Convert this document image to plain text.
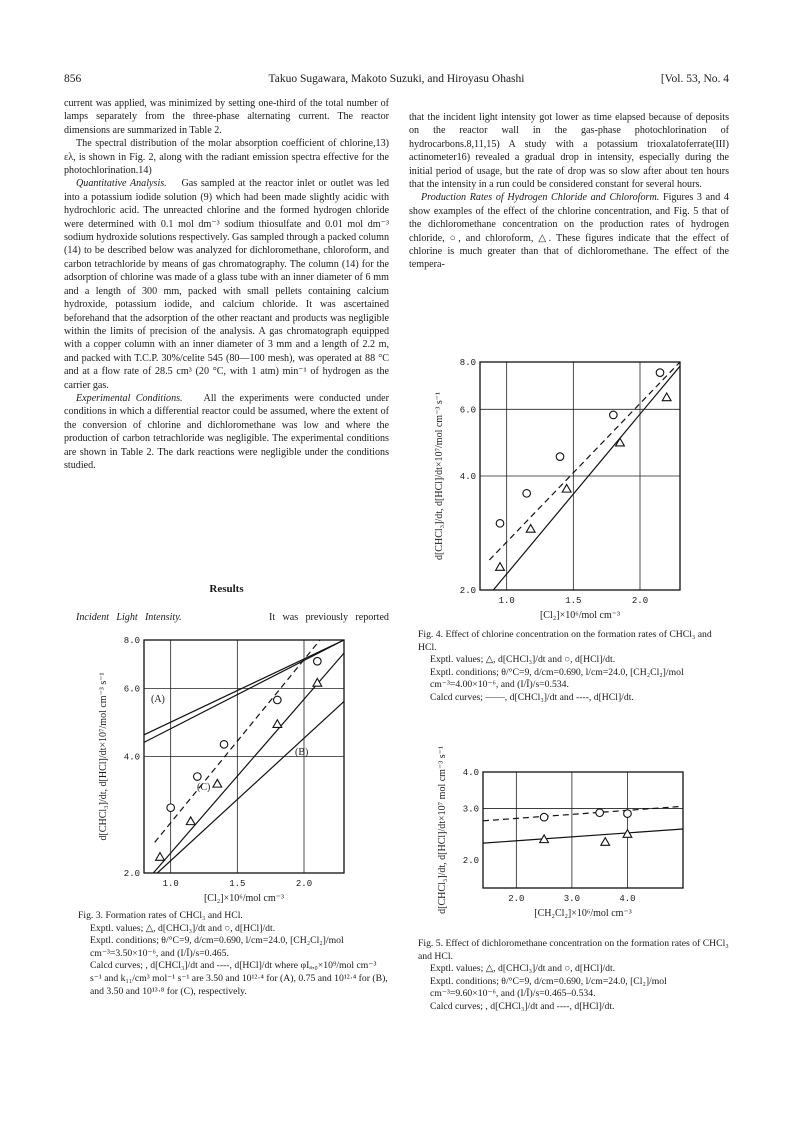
856	Takuo Sugawara, Makoto Suzuki, and Hiroyasu Ohashi	[Vol. 53, No. 4

current was applied, was minimized by setting one-third of the total number of lamps separately from the three-phase alternating current. The reactor dimensions are summarized in Table 2.

The spectral distribution of the molar absorption coefficient of chlorine,13) ελ, is shown in Fig. 2, along with the radiant emission spectra effective for the photochlorination.14)

Quantitative Analysis. Gas sampled at the reactor inlet or outlet was led into a potassium iodide solution (9) which had been made slightly acidic with hydrochloric acid. The unreacted chlorine and the formed hydrogen chloride were determined with 0.1 mol dm⁻³ sodium thiosulfate and 0.01 mol dm⁻³ sodium hydroxide solutions respectively. Gas sampled through a packed column (14) to be described below was analyzed for dichloromethane, chloroform, and carbon tetrachloride by means of gas chromatography. The column (14) for the adsorption of chlorine was made of a glass tube with an inner diameter of 6 mm and a length of 300 mm, packed with small pellets containing calcium hydroxide, potassium iodide, and calcium chloride. It was ascertained beforehand that the adsorption of the other reactant and products was negligible within the limits of precision of the analysis. A gas chromatograph equipped with a copper column with an inner diameter of 3 mm and a length of 2.2 m, and packed with T.C.P. 30%/celite 545 (80—100 mesh), was operated at 88 °C and at a flow rate of 28.5 cm³ (20 °C, with 1 atm) min⁻¹ of hydrogen as the carrier gas.

Experimental Conditions. All the experiments were conducted under conditions in which a differential reactor could be assumed, where the extent of the conversion of chlorine and dichloromethane was low and where the production of carbon tetrachloride was negligible. The experimental conditions are shown in Table 2. The dark reactions were negligible under the conditions studied.

Results

Incident Light Intensity.	It was previously reported

that the incident light intensity got lower as time elapsed because of deposits on the reactor wall in the gas-phase photochlorination of hydrocarbons.8,11,15) A study with a potassium trioxalatoferrate(III) actinometer16) revealed a gradual drop in intensity, especially during the initial period of usage, but the rate of drop was so slow after about ten hours that the intensity in a run could be considered constant for several hours.

Production Rates of Hydrogen Chloride and Chloroform. Figures 3 and 4 show examples of the effect of the chlorine concentration, and Fig. 5 that of the dichloromethane concentration on the production rates of hydrogen chloride, ○, and chloroform, △. These figures indicate that the effect of chlorine is much greater than that of dichloromethane. The effect of the tempera-

1.0	1.5	2.0
8.0
6.0
4.0
2.0
[Cl₂]×10⁶/mol cm⁻³
d[CHCl₃]/dt, d[HCl]/dt×10⁷/mol cm⁻³ s⁻¹	(A)
(B)
(C)

Fig. 3. Formation rates of CHCl₃ and HCl.

Exptl. values; △, d[CHCl₃]/dt and ○, d[HCl]/dt.

Exptl. conditions; θ/°C=9, d/cm=0.690, l/cm=24.0, [CH₂Cl₂]/mol cm⁻³=3.50×10⁻⁶, and (I/Ī)/s=0.465.

Calcd curves; , d[CHCl₃]/dt and ----, d[HCl]/dt where φIₐ,₀×10⁹/mol cm⁻³ s⁻¹ and k₁₁/cm³ mol⁻¹ s⁻¹ are 3.50 and 10¹²·⁴ for (A), 0.75 and 10¹²·⁴ for (B), and 3.50 and 10¹³·⁸ for (C), respectively.

1.0	1.5	2.0
8.0
6.0
4.0
2.0
[Cl₂]×10⁶/mol cm⁻³
d[CHCl₃]/dt, d[HCl]/dt×10⁷/mol cm⁻³ s⁻¹

Fig. 4. Effect of chlorine concentration on the formation rates of CHCl₃ and HCl.

Exptl. values; △, d[CHCl₃]/dt and ○, d[HCl]/dt.

Exptl. conditions; θ/°C=9, d/cm=0.690, l/cm=24.0, [CH₂Cl₂]/mol cm⁻³=4.00×10⁻⁶, and (I/Ī)/s=0.534.

Calcd curves; ——, d[CHCl₃]/dt and ----, d[HCl]/dt.

2.0	3.0	4.0
4.0
3.0
2.0
[CH₂Cl₂]×10⁶/mol cm⁻³
d[CHCl₃]/dt, d[HCl]/dt×10⁷ mol cm⁻³ s⁻¹

Fig. 5. Effect of dichloromethane concentration on the formation rates of CHCl₃ and HCl.

Exptl. values; △, d[CHCl₃]/dt and ○, d[HCl]/dt.

Exptl. conditions; θ/°C=9, d/cm=0.690, l/cm=24.0, [Cl₂]/mol cm⁻³=9.60×10⁻⁶, and (I/Ī)/s=0.465–0.534.

Calcd curves; , d[CHCl₃]/dt and ----, d[HCl]/dt.
